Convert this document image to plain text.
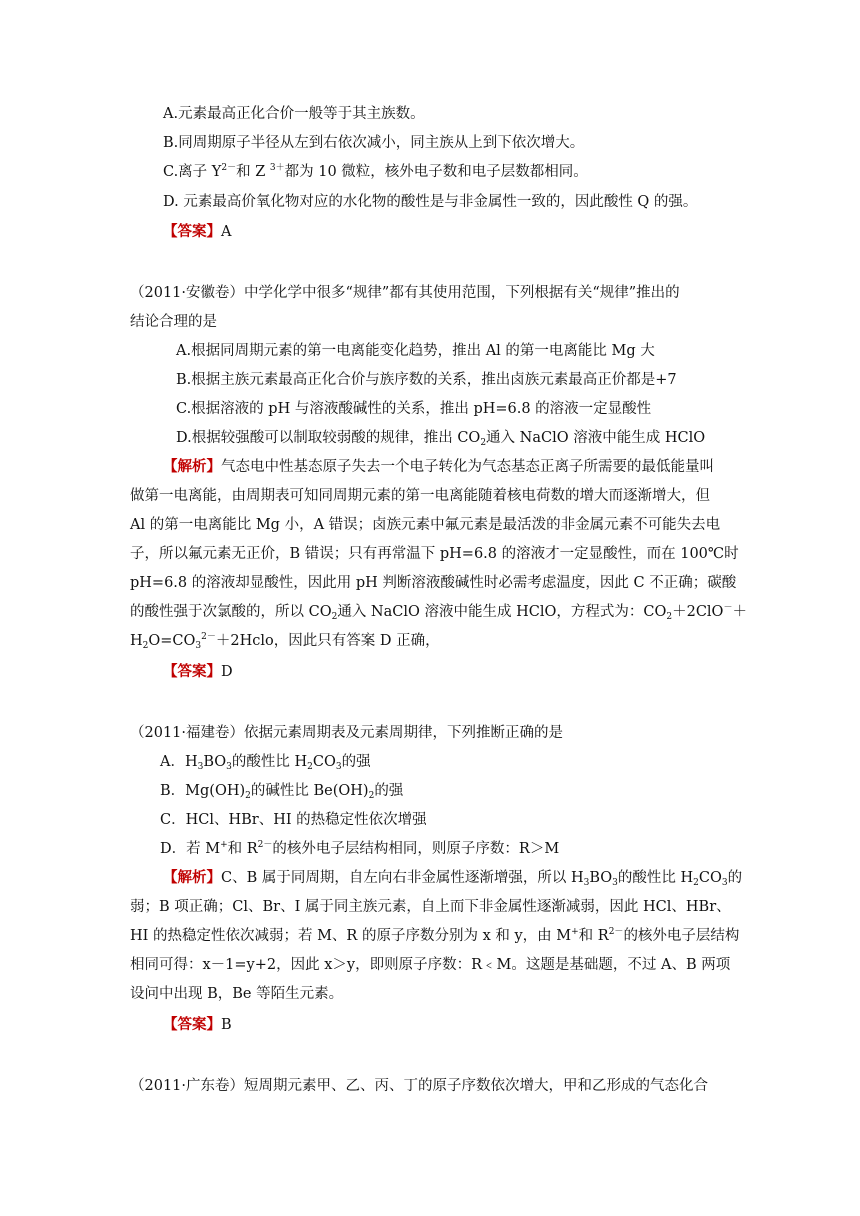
A.元素最高正化合价一般等于其主族数。
B.同周期原子半径从左到右依次减小，同主族从上到下依次增大。
C.离子 $Y^{2-}$和 Z $^{3+}$都为 10 微粒，核外电子数和电子层数都相同。
D. 元素最高价氧化物对应的水化物的酸性是与非金属性一致的，因此酸性 Q 的强。
【答案】A
（2011·安徽卷）中学化学中很多“规律”都有其使用范围，下列根据有关“规律”推出的
结论合理的是
A.根据同周期元素的第一电离能变化趋势，推出 Al 的第一电离能比 Mg 大
B.根据主族元素最高正化合价与族序数的关系，推出卤族元素最高正价都是+7
C.根据溶液的 pH 与溶液酸碱性的关系，推出 pH=6.8 的溶液一定显酸性
D.根据较强酸可以制取较弱酸的规律，推出 $CO_2$通入 NaClO 溶液中能生成 HClO
【解析】气态电中性基态原子失去一个电子转化为气态基态正离子所需要的最低能量叫
做第一电离能，由周期表可知同周期元素的第一电离能随着核电荷数的增大而逐渐增大，但
Al 的第一电离能比 Mg 小，A 错误；卤族元素中氟元素是最活泼的非金属元素不可能失去电
子，所以氟元素无正价，B 错误；只有再常温下 pH=6.8 的溶液才一定显酸性，而在 100℃时
pH=6.8 的溶液却显酸性，因此用 pH 判断溶液酸碱性时必需考虑温度，因此 C 不正确；碳酸
的酸性强于次氯酸的，所以 $CO_2$通入 NaClO 溶液中能生成 HClO，方程式为：$CO_2+2ClO^-+$
$H_2O=CO_3^{2-}+2Hclo$，因此只有答案 D 正确，
【答案】D
（2011·福建卷）依据元素周期表及元素周期律，下列推断正确的是
A．$H_3BO_3$的酸性比 $H_2CO_3$的强
B．$Mg(OH)_2$的碱性比 $Be(OH)_2$的强
C．HCl、HBr、HI 的热稳定性依次增强
D．若 M+和 $R^{2-}$的核外电子层结构相同，则原子序数：R＞M
【解析】C、B 属于同周期，自左向右非金属性逐渐增强，所以 $H_3BO_3$的酸性比 $H_2CO_3$的
弱；B 项正确；Cl、Br、I 属于同主族元素，自上而下非金属性逐渐减弱，因此 HCl、HBr、
HI 的热稳定性依次减弱；若 M、R 的原子序数分别为 x 和 y，由 M+和 $R^{2-}$的核外电子层结构
相同可得：x－1=y+2，因此 x＞y，即则原子序数：R﹤M。这题是基础题，不过 A、B 两项
设问中出现 B，Be 等陌生元素。
【答案】B
（2011·广东卷）短周期元素甲、乙、丙、丁的原子序数依次增大，甲和乙形成的气态化合
